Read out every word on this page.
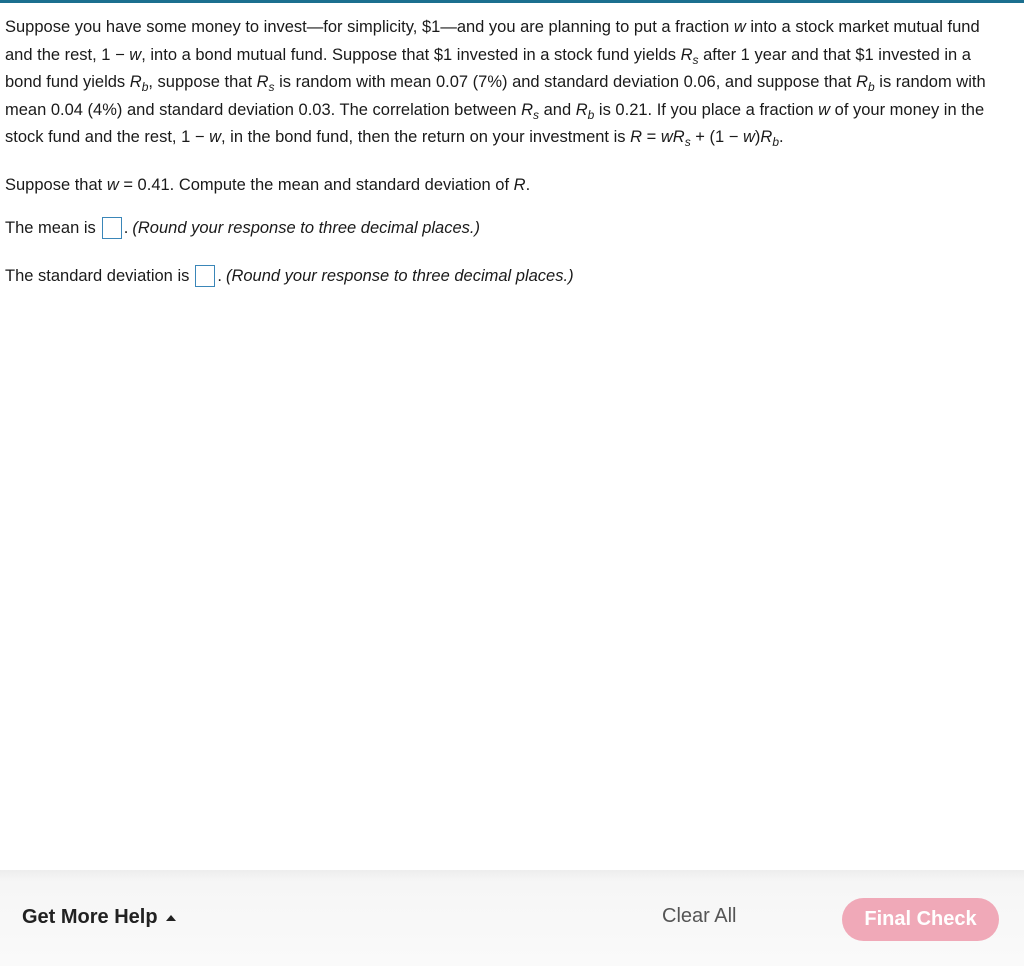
Suppose you have some money to invest—for simplicity, $1—and you are planning to put a fraction w into a stock market mutual fund and the rest, 1 − w, into a bond mutual fund. Suppose that $1 invested in a stock fund yields $R_s$ after 1 year and that $1 invested in a bond fund yields $R_b$, suppose that $R_s$ is random with mean 0.07 (7%) and standard deviation 0.06, and suppose that $R_b$ is random with mean 0.04 (4%) and standard deviation 0.03. The correlation between $R_s$ and $R_b$ is 0.21. If you place a fraction w of your money in the stock fund and the rest, 1 − w, in the bond fund, then the return on your investment is $R = wR_s + (1 - w)R_b$.

Suppose that w = 0.41. Compute the mean and standard deviation of R.
The mean is . (Round your response to three decimal places.)
The standard deviation is . (Round your response to three decimal places.)
Get More Help	Clear All	Final Check
